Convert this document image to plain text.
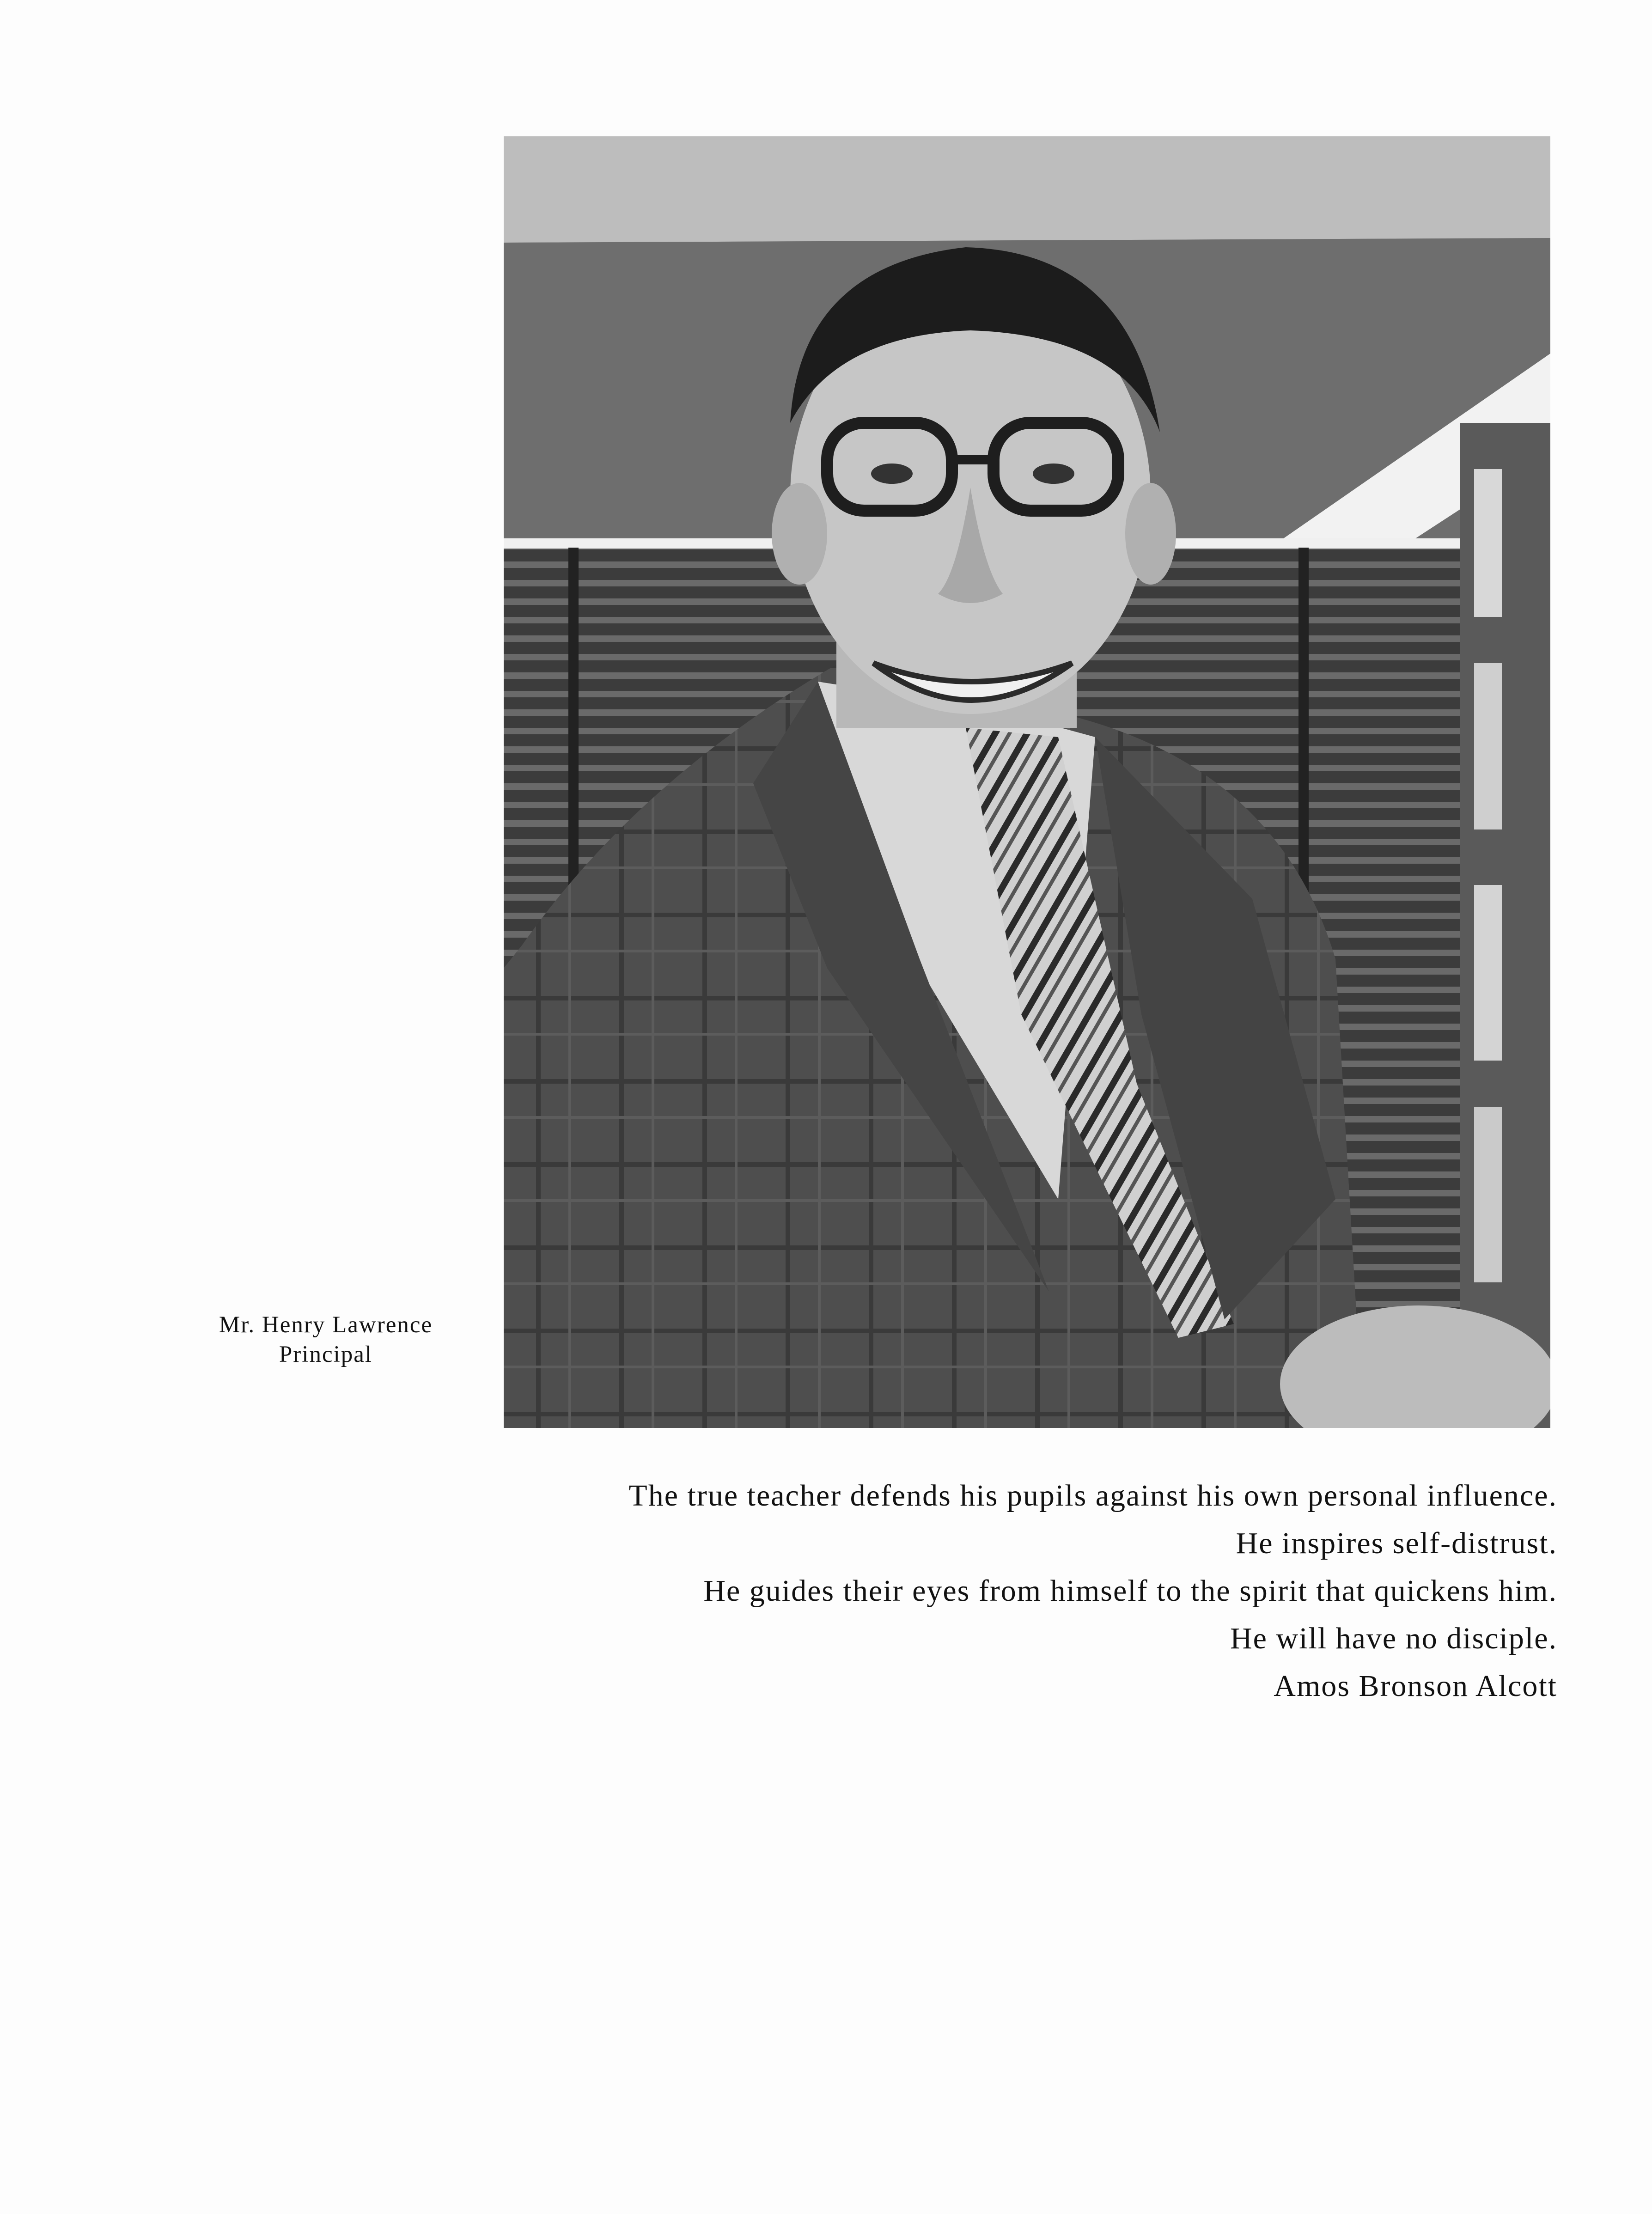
Mr. Henry Lawrence
Principal
The true teacher defends his pupils against his own personal influence.
He inspires self-distrust.
He guides their eyes from himself to the spirit that quickens him.
He will have no disciple.
Amos Bronson Alcott
